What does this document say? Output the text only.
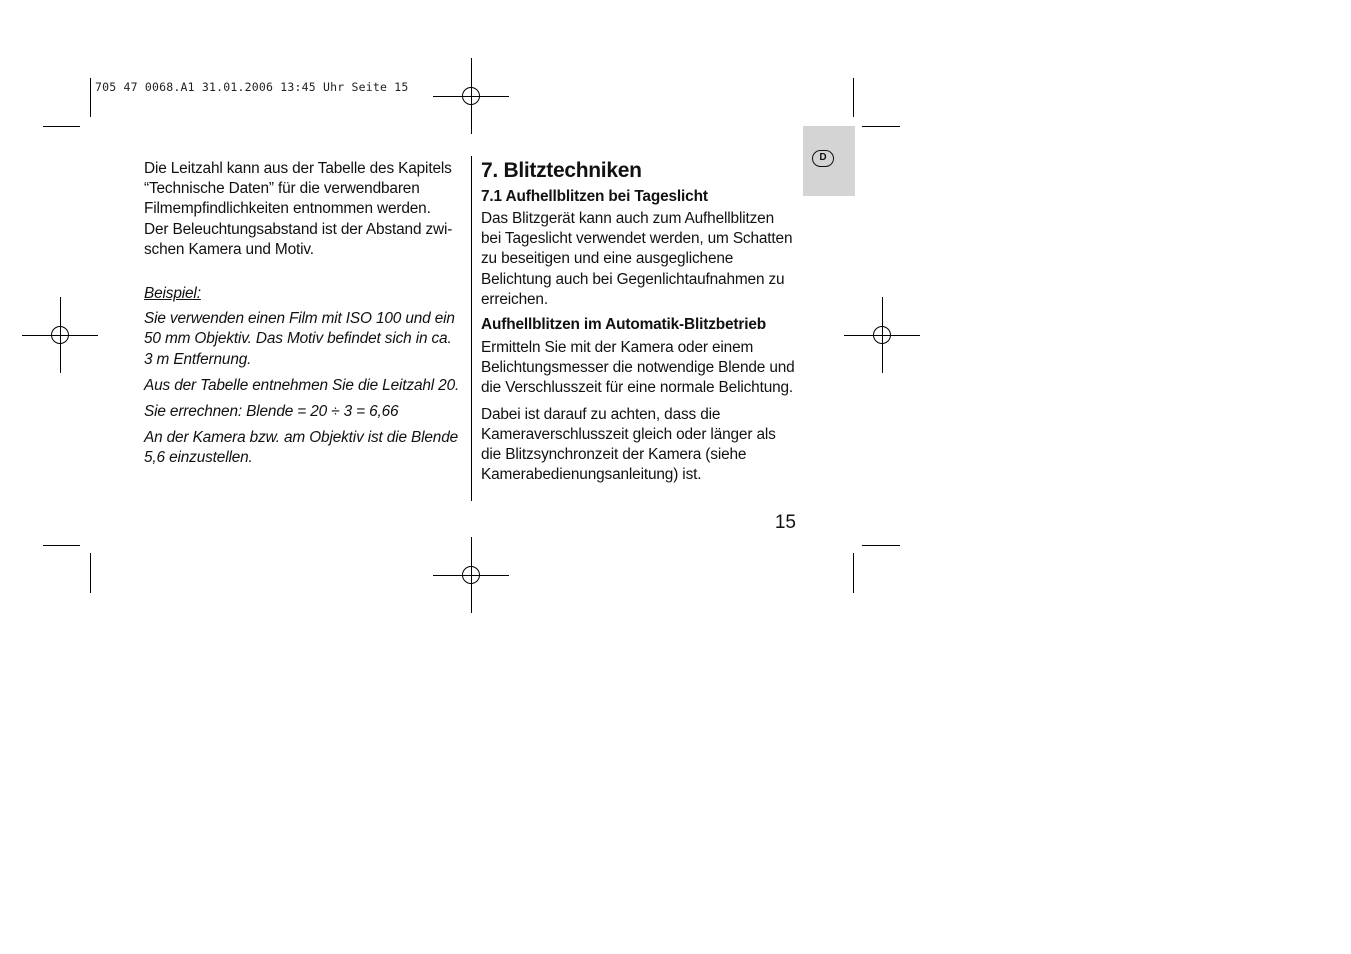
705 47 0068.A1 31.01.2006 13:45 Uhr Seite 15
D

Die Leitzahl kann aus der Tabelle des Kapitels

“Technische Daten” für die verwendbaren

Filmempfindlichkeiten entnommen werden.

Der Beleuchtungsabstand ist der Abstand zwi-

schen Kamera und Motiv.

Beispiel:

Sie verwenden einen Film mit ISO 100 und ein

50 mm Objektiv. Das Motiv befindet sich in ca.

3 m Entfernung.

Aus der Tabelle entnehmen Sie die Leitzahl 20.

Sie errechnen: Blende = 20 ÷ 3 = 6,66

An der Kamera bzw. am Objektiv ist die Blende

5,6 einzustellen.

7. Blitztechniken
7.1 Aufhellblitzen bei Tageslicht

Das Blitzgerät kann auch zum Aufhellblitzen

bei Tageslicht verwendet werden, um Schatten

zu beseitigen und eine ausgeglichene

Belichtung auch bei Gegenlichtaufnahmen zu

erreichen.

Aufhellblitzen im Automatik-Blitzbetrieb

Ermitteln Sie mit der Kamera oder einem

Belichtungsmesser die notwendige Blende und

die Verschlusszeit für eine normale Belichtung.

Dabei ist darauf zu achten, dass die

Kameraverschlusszeit gleich oder länger als

die Blitzsynchronzeit der Kamera (siehe

Kamerabedienungsanleitung) ist.

15
